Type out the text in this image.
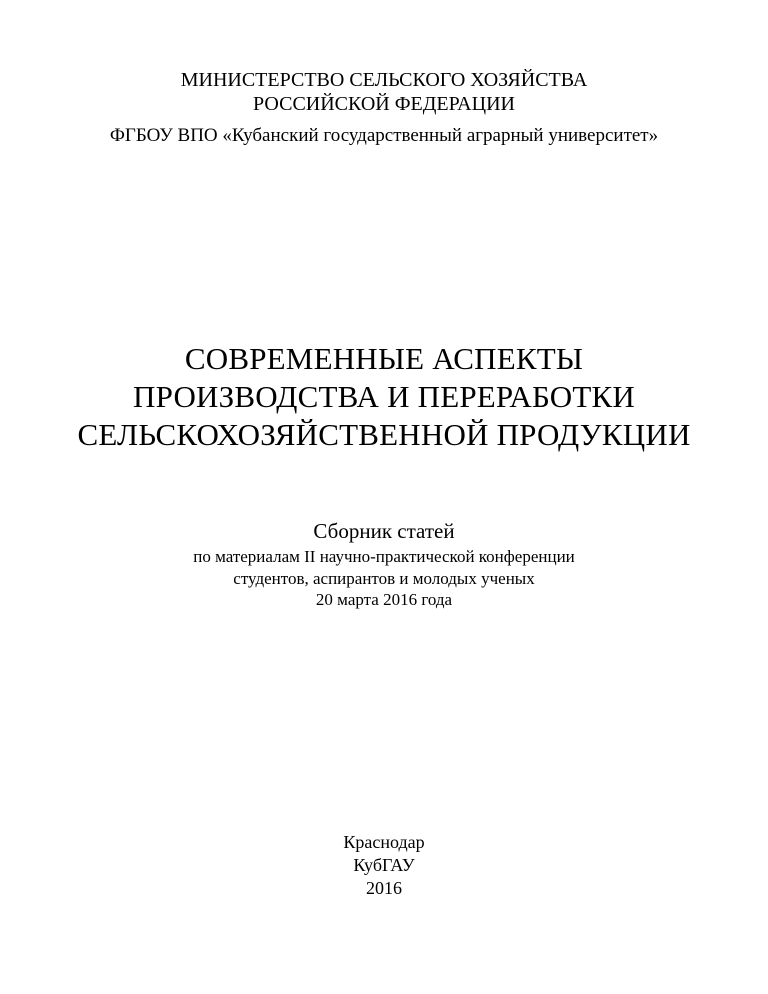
МИНИСТЕРСТВО СЕЛЬСКОГО ХОЗЯЙСТВА
РОССИЙСКОЙ ФЕДЕРАЦИИ
ФГБОУ ВПО «Кубанский государственный аграрный университет»
СОВРЕМЕННЫЕ АСПЕКТЫ
ПРОИЗВОДСТВА И ПЕРЕРАБОТКИ
СЕЛЬСКОХОЗЯЙСТВЕННОЙ ПРОДУКЦИИ
Сборник статей
по материалам II научно-практической конференции
студентов, аспирантов и молодых ученых
20 марта 2016 года
Краснодар
КубГАУ
2016
